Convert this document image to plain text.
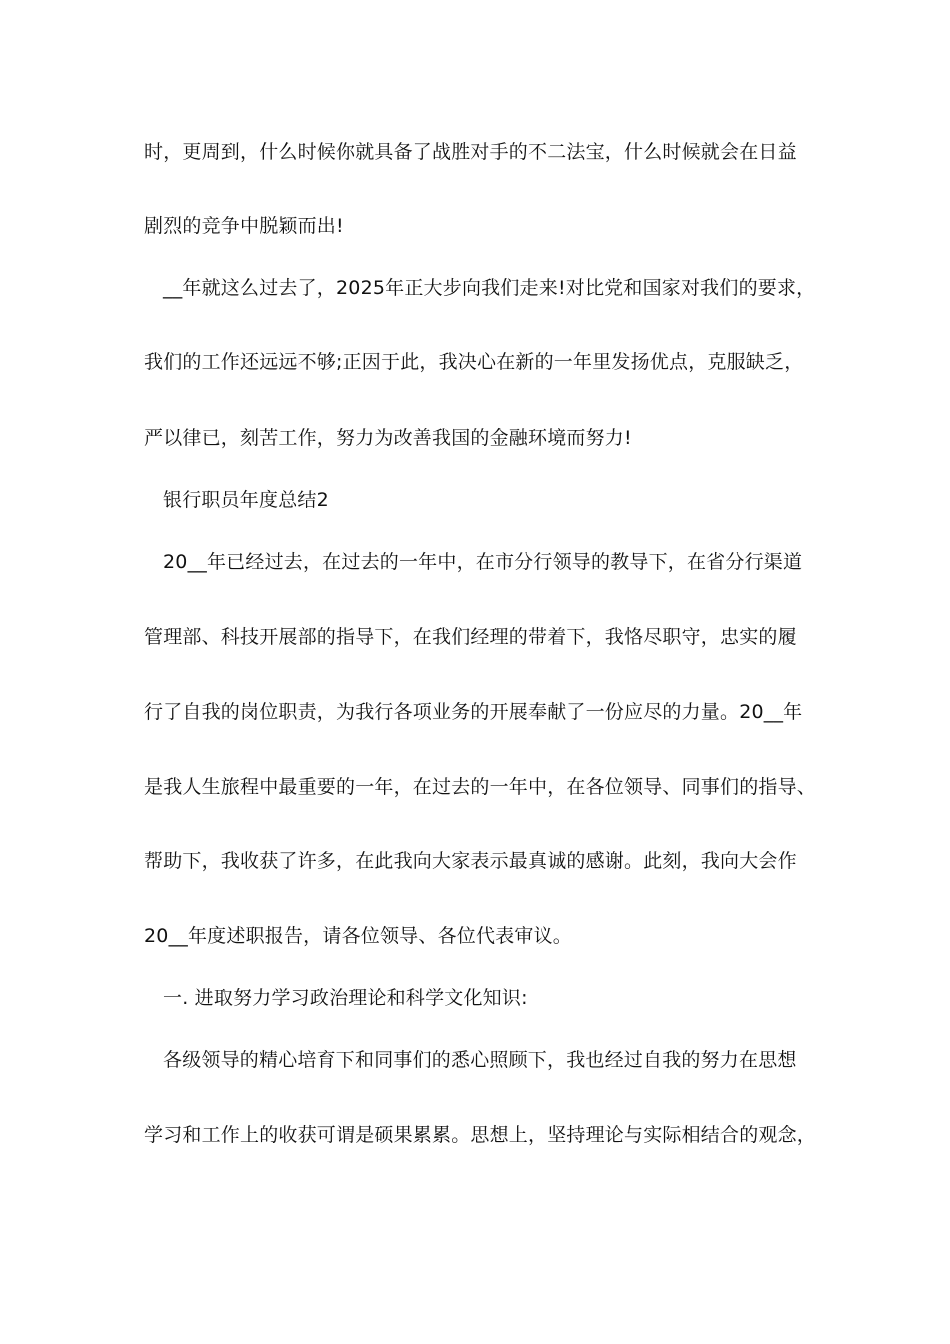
时，更周到，什么时候你就具备了战胜对手的不二法宝，什么时候就会在日益
剧烈的竞争中脱颖而出!
__年就这么过去了，2025年正大步向我们走来!对比党和国家对我们的要求，
我们的工作还远远不够;正因于此，我决心在新的一年里发扬优点，克服缺乏，
严以律已，刻苦工作，努力为改善我国的金融环境而努力!
银行职员年度总结2
20__年已经过去，在过去的一年中，在市分行领导的教导下，在省分行渠道
管理部、科技开展部的指导下，在我们经理的带着下，我恪尽职守，忠实的履
行了自我的岗位职责，为我行各项业务的开展奉献了一份应尽的力量。20__年
是我人生旅程中最重要的一年，在过去的一年中，在各位领导、同事们的指导、
帮助下，我收获了许多，在此我向大家表示最真诚的感谢。此刻，我向大会作
20__年度述职报告，请各位领导、各位代表审议。
一. 进取努力学习政治理论和科学文化知识:
各级领导的精心培育下和同事们的悉心照顾下，我也经过自我的努力在思想
学习和工作上的收获可谓是硕果累累。思想上，坚持理论与实际相结合的观念，
